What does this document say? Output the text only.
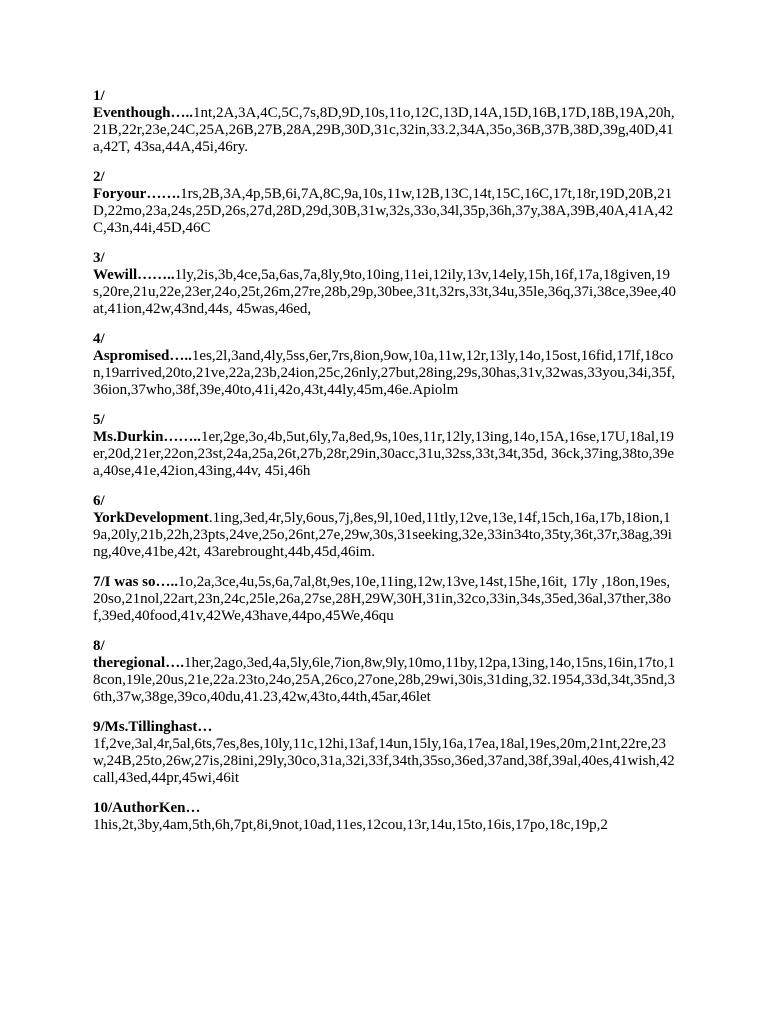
1/
Eventhough…..1nt,2A,3A,4C,5C,7s,8D,9D,10s,11o,12C,13D,14A,15D,16B,17D,18B,19A,20h,21B,22r,23e,24C,25A,26B,27B,28A,29B,30D,31c,32in,33.2,34A,35o,36B,37B,38D,39g,40D,41a,42T, 43sa,44A,45i,46ry.
2/
Foryour…….1rs,2B,3A,4p,5B,6i,7A,8C,9a,10s,11w,12B,13C,14t,15C,16C,17t,18r,19D,20B,21D,22mo,23a,24s,25D,26s,27d,28D,29d,30B,31w,32s,33o,34l,35p,36h,37y,38A,39B,40A,41A,42C,43n,44i,45D,46C
3/
Wewill……..1ly,2is,3b,4ce,5a,6as,7a,8ly,9to,10ing,11ei,12ily,13v,14ely,15h,16f,17a,18given,19s,20re,21u,22e,23er,24o,25t,26m,27re,28b,29p,30bee,31t,32rs,33t,34u,35le,36q,37i,38ce,39ee,40at,41ion,42w,43nd,44s, 45was,46ed,
4/
Aspromised…..1es,2l,3and,4ly,5ss,6er,7rs,8ion,9ow,10a,11w,12r,13ly,14o,15ost,16fid,17lf,18con,19arrived,20to,21ve,22a,23b,24ion,25c,26nly,27but,28ing,29s,30has,31v,32was,33you,34i,35f,36ion,37who,38f,39e,40to,41i,42o,43t,44ly,45m,46e.Apiolm
5/
Ms.Durkin……..1er,2ge,3o,4b,5ut,6ly,7a,8ed,9s,10es,11r,12ly,13ing,14o,15A,16se,17U,18al,19er,20d,21er,22on,23st,24a,25a,26t,27b,28r,29in,30acc,31u,32ss,33t,34t,35d, 36ck,37ing,38to,39ea,40se,41e,42ion,43ing,44v, 45i,46h
6/
YorkDevelopment.1ing,3ed,4r,5ly,6ous,7j,8es,9l,10ed,11tly,12ve,13e,14f,15ch,16a,17b,18ion,19a,20ly,21b,22h,23pts,24ve,25o,26nt,27e,29w,30s,31seeking,32e,33in34to,35ty,36t,37r,38ag,39ing,40ve,41be,42t, 43arebrought,44b,45d,46im.
7/I was so…..1o,2a,3ce,4u,5s,6a,7al,8t,9es,10e,11ing,12w,13ve,14st,15he,16it, 17ly ,18on,19es,20so,21nol,22art,23n,24c,25le,26a,27se,28H,29W,30H,31in,32co,33in,34s,35ed,36al,37ther,38of,39ed,40food,41v,42We,43have,44po,45We,46qu
8/
theregional….1her,2ago,3ed,4a,5ly,6le,7ion,8w,9ly,10mo,11by,12pa,13ing,14o,15ns,16in,17to,18con,19le,20us,21e,22a.23to,24o,25A,26co,27one,28b,29wi,30is,31ding,32.1954,33d,34t,35nd,36th,37w,38ge,39co,40du,41.23,42w,43to,44th,45ar,46let
9/Ms.Tillinghast…
1f,2ve,3al,4r,5al,6ts,7es,8es,10ly,11c,12hi,13af,14un,15ly,16a,17ea,18al,19es,20m,21nt,22re,23w,24B,25to,26w,27is,28ini,29ly,30co,31a,32i,33f,34th,35so,36ed,37and,38f,39al,40es,41wish,42call,43ed,44pr,45wi,46it
10/AuthorKen…
1his,2t,3by,4am,5th,6h,7pt,8i,9not,10ad,11es,12cou,13r,14u,15to,16is,17po,18c,19p,2
